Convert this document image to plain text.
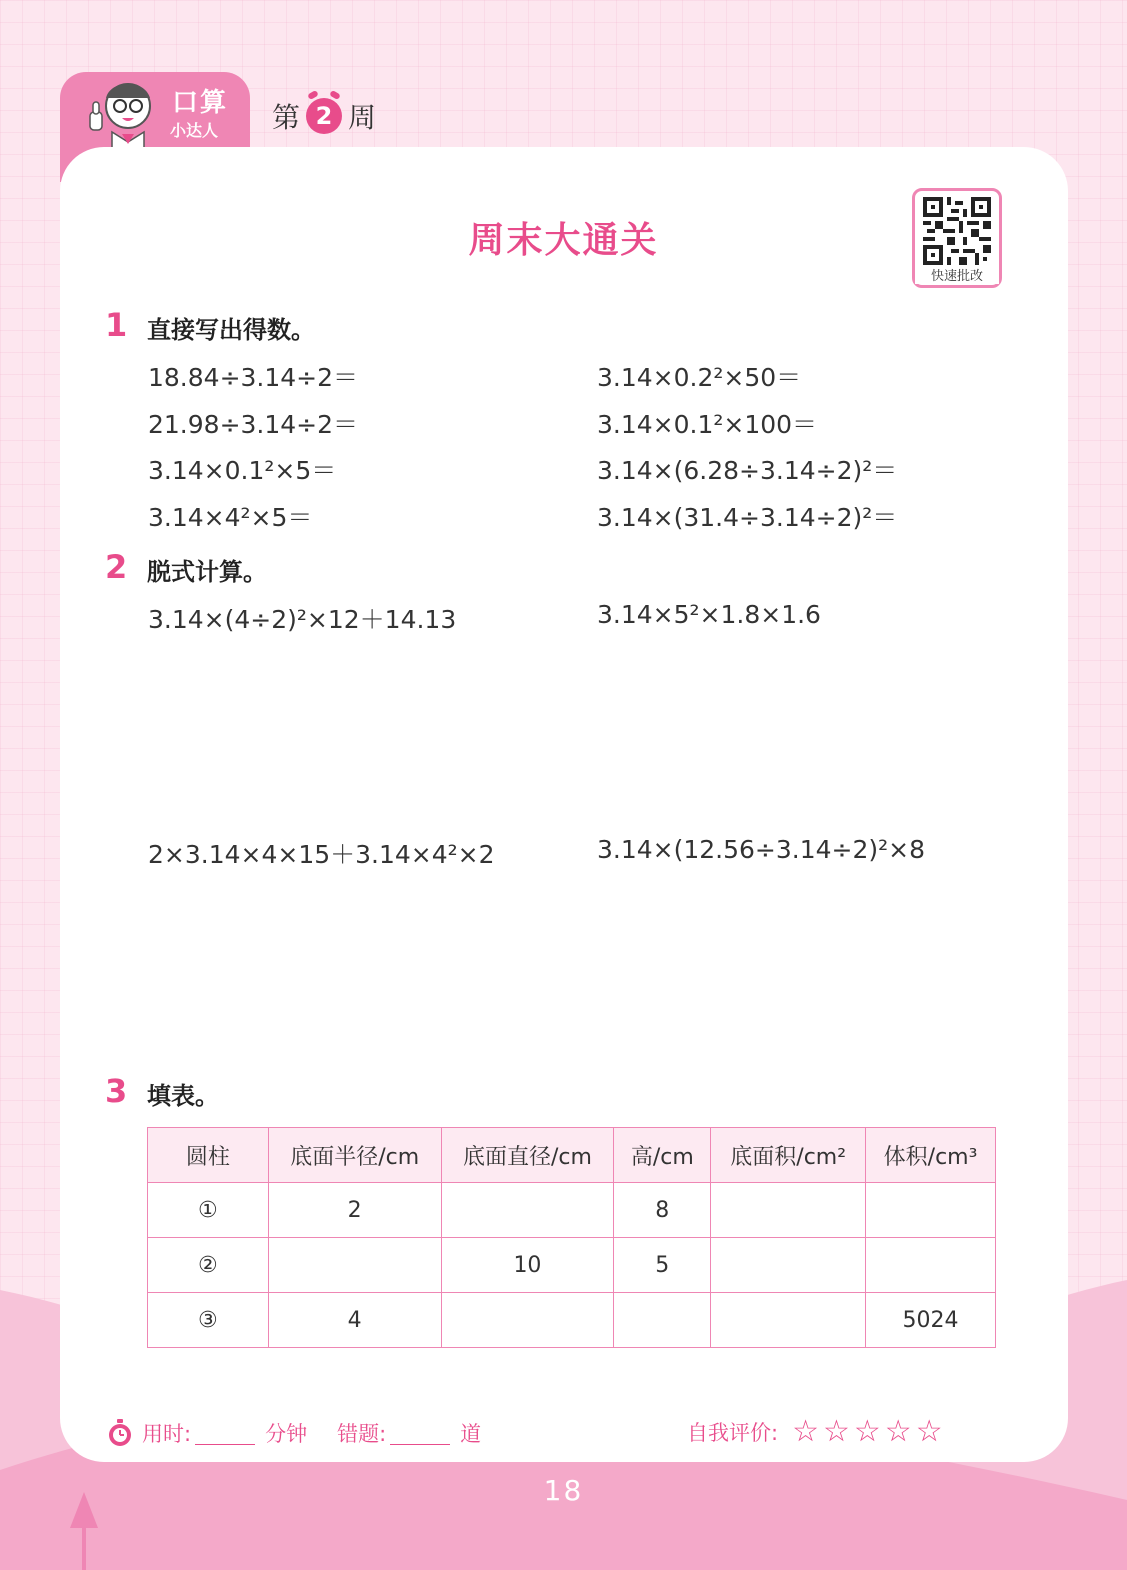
口算
小达人 第 2 周
周末大通关
快速批改
1 直接写出得数。
18.84÷3.14÷2＝	3.14×0.2²×50＝
21.98÷3.14÷2＝	3.14×0.1²×100＝
3.14×0.1²×5＝	3.14×(6.28÷3.14÷2)²＝
3.14×4²×5＝	3.14×(31.4÷3.14÷2)²＝
2 脱式计算。
3.14×(4÷2)²×12＋14.13	3.14×5²×1.8×1.6
2×3.14×4×15＋3.14×4²×2	3.14×(12.56÷3.14÷2)²×8
3 填表。
圆柱	底面半径/cm	底面直径/cm	高/cm	底面积/cm²	体积/cm³
①	2		8		
②		10	5		
③	4				5024
用时:	分钟 错题:	道	自我评价: ☆ ☆ ☆ ☆ ☆
18
